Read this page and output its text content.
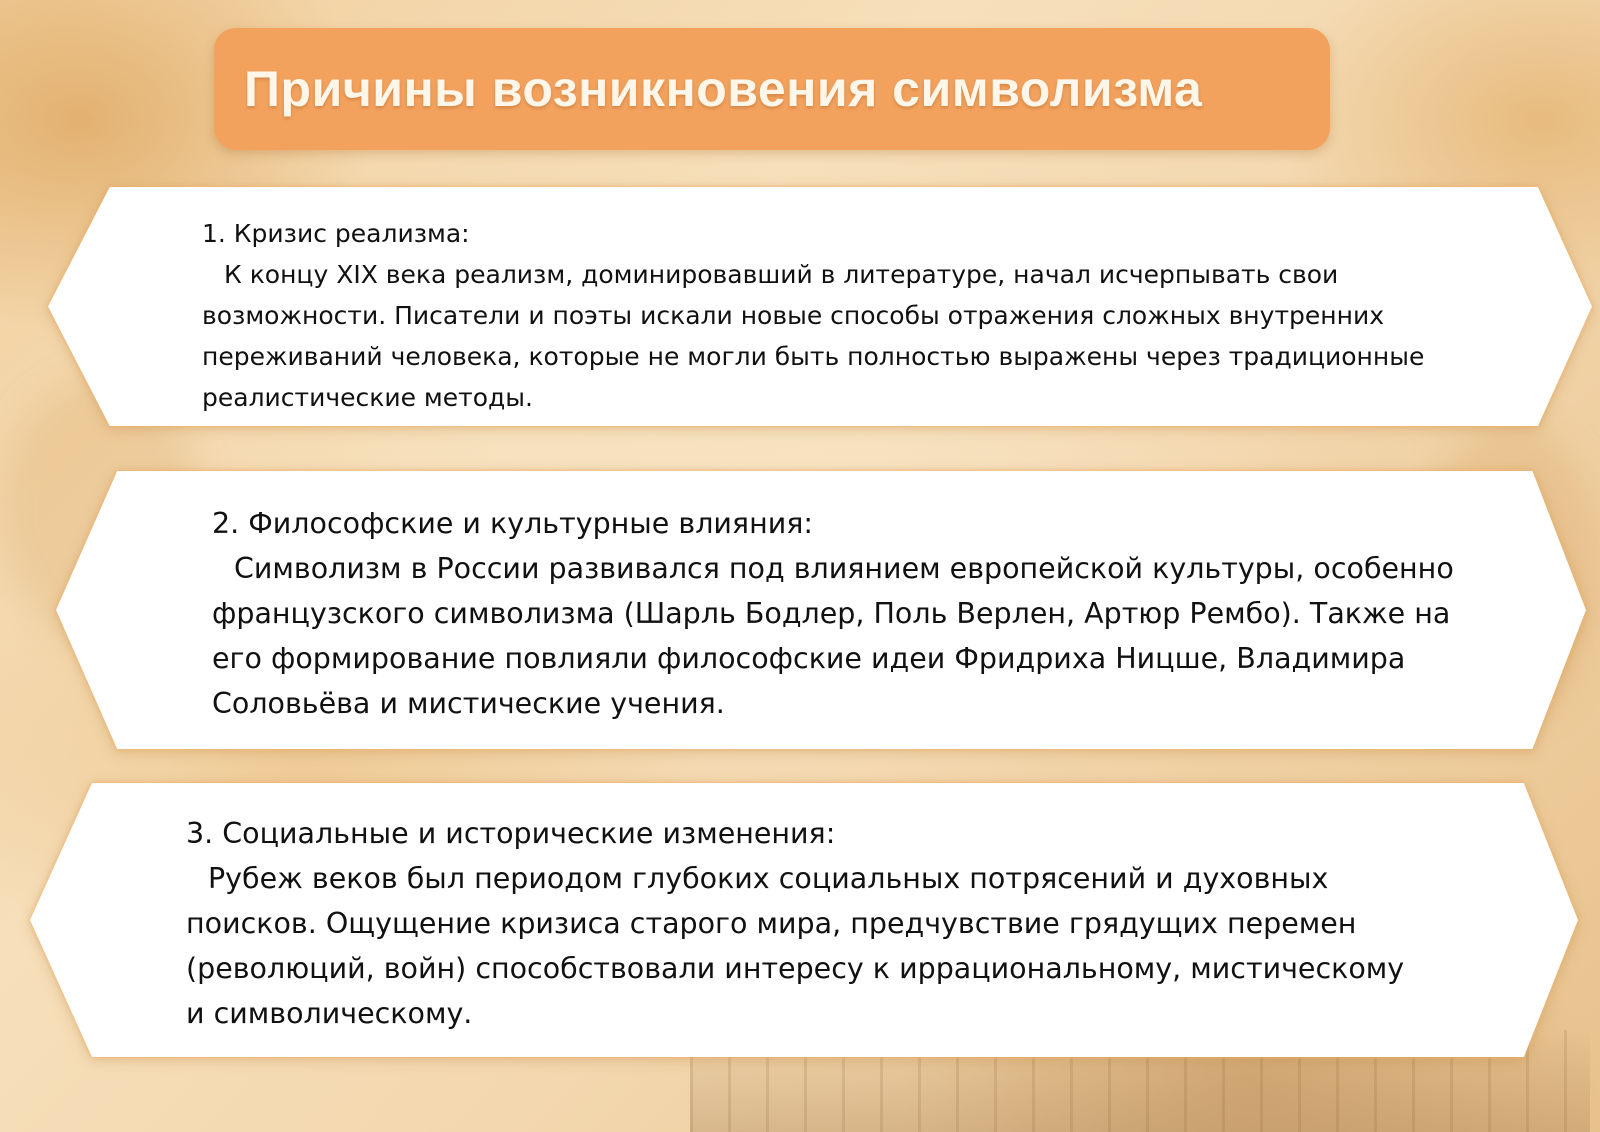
Причины возникновения символизма
1. Кризис реализма:
К концу XIX века реализм, доминировавший в литературе, начал исчерпывать свои возможности. Писатели и поэты искали новые способы отражения сложных внутренних переживаний человека, которые не могли быть полностью выражены через традиционные реалистические методы.
2. Философские и культурные влияния:
Символизм в России развивался под влиянием европейской культуры, особенно французского символизма (Шарль Бодлер, Поль Верлен, Артюр Рембо). Также на его формирование повлияли философские идеи Фридриха Ницше, Владимира Соловьёва и мистические учения.
3. Социальные и исторические изменения:
Рубеж веков был периодом глубоких социальных потрясений и духовных поисков. Ощущение кризиса старого мира, предчувствие грядущих перемен (революций, войн) способствовали интересу к иррациональному, мистическому и символическому.
